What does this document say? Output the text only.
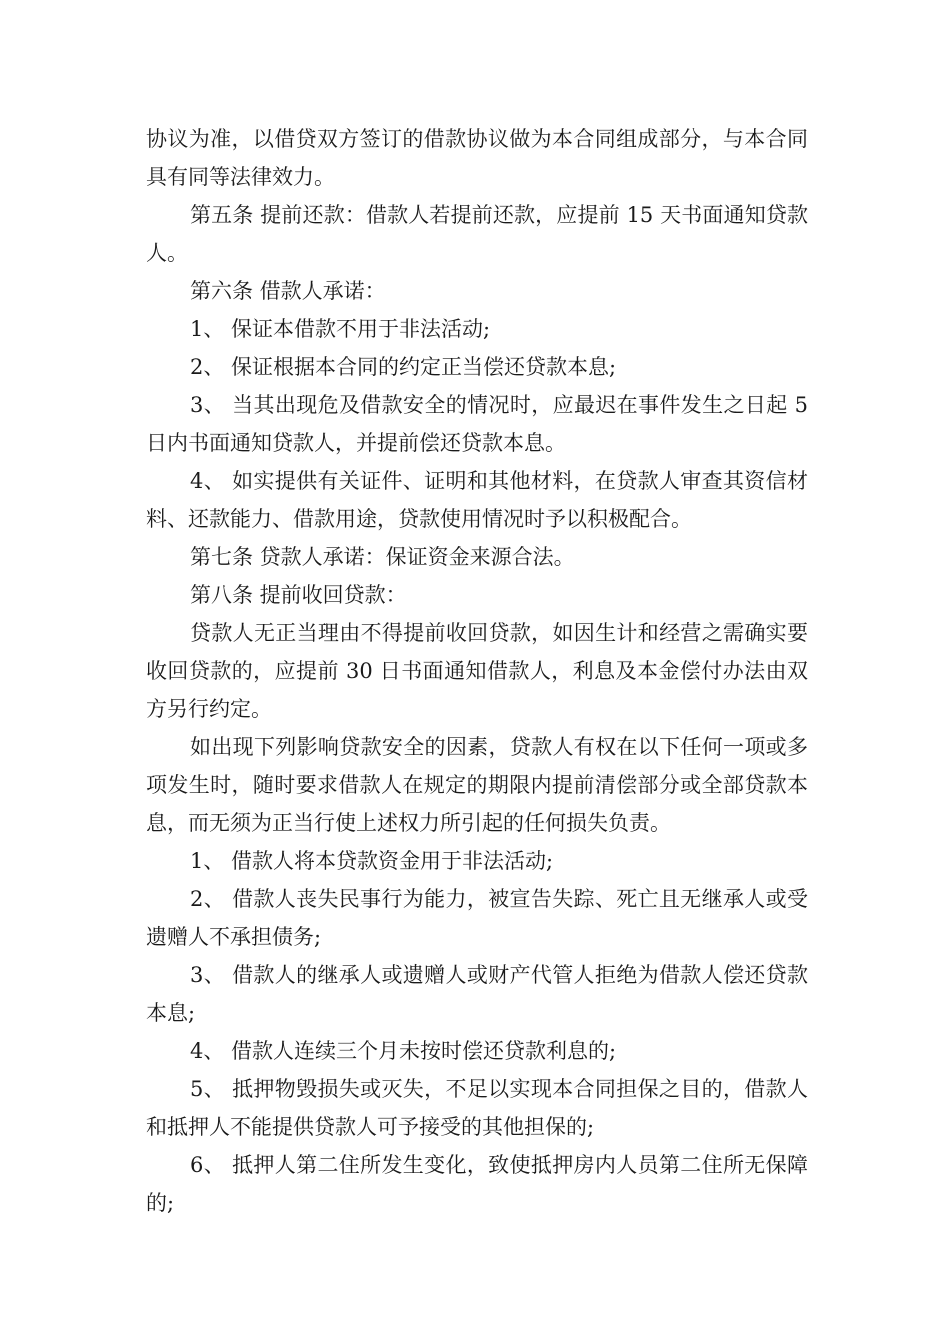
协议为准，以借贷双方签订的借款协议做为本合同组成部分，与本合同具有同等法律效力。

第五条 提前还款：借款人若提前还款，应提前 15 天书面通知贷款人。

第六条 借款人承诺：

1、 保证本借款不用于非法活动;

2、 保证根据本合同的约定正当偿还贷款本息;

3、 当其出现危及借款安全的情况时，应最迟在事件发生之日起 5 日内书面通知贷款人，并提前偿还贷款本息。

4、 如实提供有关证件、证明和其他材料，在贷款人审查其资信材料、还款能力、借款用途，贷款使用情况时予以积极配合。

第七条 贷款人承诺：保证资金来源合法。

第八条 提前收回贷款：

贷款人无正当理由不得提前收回贷款，如因生计和经营之需确实要收回贷款的，应提前 30 日书面通知借款人，利息及本金偿付办法由双方另行约定。

如出现下列影响贷款安全的因素，贷款人有权在以下任何一项或多项发生时，随时要求借款人在规定的期限内提前清偿部分或全部贷款本息，而无须为正当行使上述权力所引起的任何损失负责。

1、 借款人将本贷款资金用于非法活动;

2、 借款人丧失民事行为能力，被宣告失踪、死亡且无继承人或受遗赠人不承担债务;

3、 借款人的继承人或遗赠人或财产代管人拒绝为借款人偿还贷款本息;

4、 借款人连续三个月未按时偿还贷款利息的;

5、 抵押物毁损失或灭失，不足以实现本合同担保之目的，借款人和抵押人不能提供贷款人可予接受的其他担保的;

6、 抵押人第二住所发生变化，致使抵押房内人员第二住所无保障的;
